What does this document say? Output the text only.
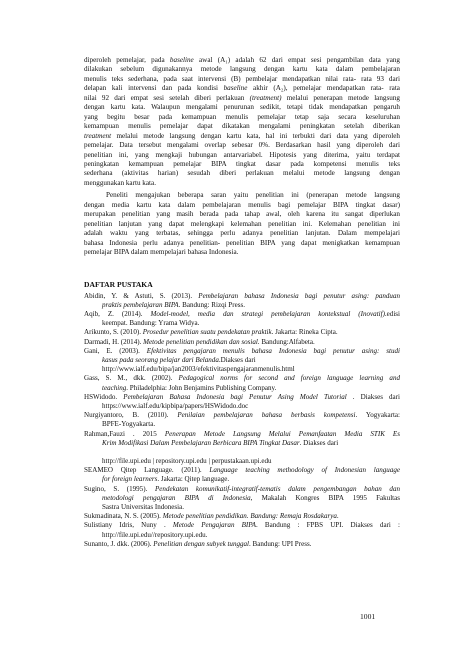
diperoleh pemelajar, pada baseline awal (A₁) adalah 62 dari empat sesi pengambilan data yang
dilakukan sebelum digunakannya metode langsung dengan kartu kata dalam pembelajaran
menulis teks sederhana, pada saat intervensi (B) pembelajar mendapatkan nilai rata- rata 93 dari
delapan kali intervensi dan pada kondisi baseline akhir (A₂), pemelajar mendapatkan rata- rata
nilai 92 dari empat sesi setelah diberi perlakuan (treatment) melalui penerapan metode langsung
dengan kartu kata. Walaupun mengalami penurunan sedikit, tetapi tidak mendapatkan pengaruh
yang begitu besar pada kemampuan menulis pemelajar tetap saja secara keseluruhan
kemampuan menulis pemelajar dapat dikatakan mengalami peningkatan setelah diberikan
treatment melalui metode langsung dengan kartu kata, hal ini terbukti dari data yang diperoleh
pemelajar. Data tersebut mengalami overlap sebesar 0%. Berdasarkan hasil yang diperoleh dari
penelitian ini, yang mengkaji hubungan antarvariabel. Hipotesis yang diterima, yaitu terdapat
peningkatan kemampuan pemelajar BIPA tingkat dasar pada kompetensi menulis teks
sederhana (aktivitas harian) sesudah diberi perlakuan melalui metode langsung dengan
menggunakan kartu kata.

Peneliti mengajukan beberapa saran yaitu penelitian ini (penerapan metode langsung
dengan media kartu kata dalam pembelajaran menulis bagi pemelajar BIPA tingkat dasar)
merupakan penelitian yang masih berada pada tahap awal, oleh karena itu sangat diperlukan
penelitian lanjutan yang dapat melengkapi kelemahan penelitian ini. Kelemahan penelitian ini
adalah waktu yang terbatas, sehingga perlu adanya penelitian lanjutan. Dalam mempelajari
bahasa Indonesia perlu adanya penelitian- penelitian BIPA yang dapat menigkatkan kemampuan
pemelajar BIPA dalam mempelajari bahasa Indonesia.

DAFTAR PUSTAKA
Abidin, Y. & Astuti, S. (2013). Pembelajaran bahasa Indonesia bagi penutur asing: panduan
praktis pembelajaran BIPA. Bandung: Rizqi Press.
Aqib, Z. (2014). Model-model, media dan strategi pembelajaran kontekstual (Inovatif).edisi
keempat. Bandung: Yrama Widya.
Arikunto, S. (2010). Prosedur penelitian suatu pendekatan praktik. Jakarta: Rineka Cipta.
Darmadi, H. (2014). Metode penelitian pendidikan dan sosial. Bandung:Alfabeta.
Gani, E. (2003). Efektivitas pengajaran menulis bahasa Indonesia bagi penutur asing: studi
kasus pada seorang pelajar dari Belanda.Diakses dari
http://www.ialf.edu/bipa/jan2003/efektivitaspengajaranmenulis.html
Gass, S. M., dkk. (2002). Pedagogical norms for second and foreign language learning and
teaching. Philadelphia: John Benjamins Publishing Company.
HSWidodo. Pembelajaran Bahasa Indonesia bagi Penutur Asing Model Tutorial . Diakses dari
https://www.ialf.edu/kipbipa/papers/HSWidodo.doc
Nurgiyantoro, B. (2010). Penilaian pembelajaran bahasa berbasis kompetensi. Yogyakarta:
BPFE-Yogyakarta.
Rahman,Fauzi . 2015 Penerapan Metode Langsung Melalui Pemanfaatan Media STIK Es
Krim Modifikasi Dalam Pembelajaran Berbicara BIPA Tingkat Dasar. Diakses dari
http://file.upi.edu | repository.upi.edu | perpustakaan.upi.edu
SEAMEO Qitep Language. (2011). Language teaching methodology of Indonesian language
for foreign learners. Jakarta: Qitep language.
Sugino, S. (1995). Pendekatan komunikatif-integratif-tematis dalam pengembangan bahan dan
metodologi pengajaran BIPA di Indonesia, Makalah Kongres BIPA 1995 Fakultas
Sastra Universitas Indonesia.
Sukmadinata, N. S. (2005). Metode penelitian pendidikan. Bandung: Remaja Rosdakarya.
Sulistiany Idris, Nuny . Metode Pengajaran BIPA. Bandung : FPBS UPI. Diakses dari :
http://file.upi.edu//repository.upi.edu.
Sunanto, J. dkk. (2006). Penelitian dengan subyek tunggal. Bandung: UPI Press.
1001
